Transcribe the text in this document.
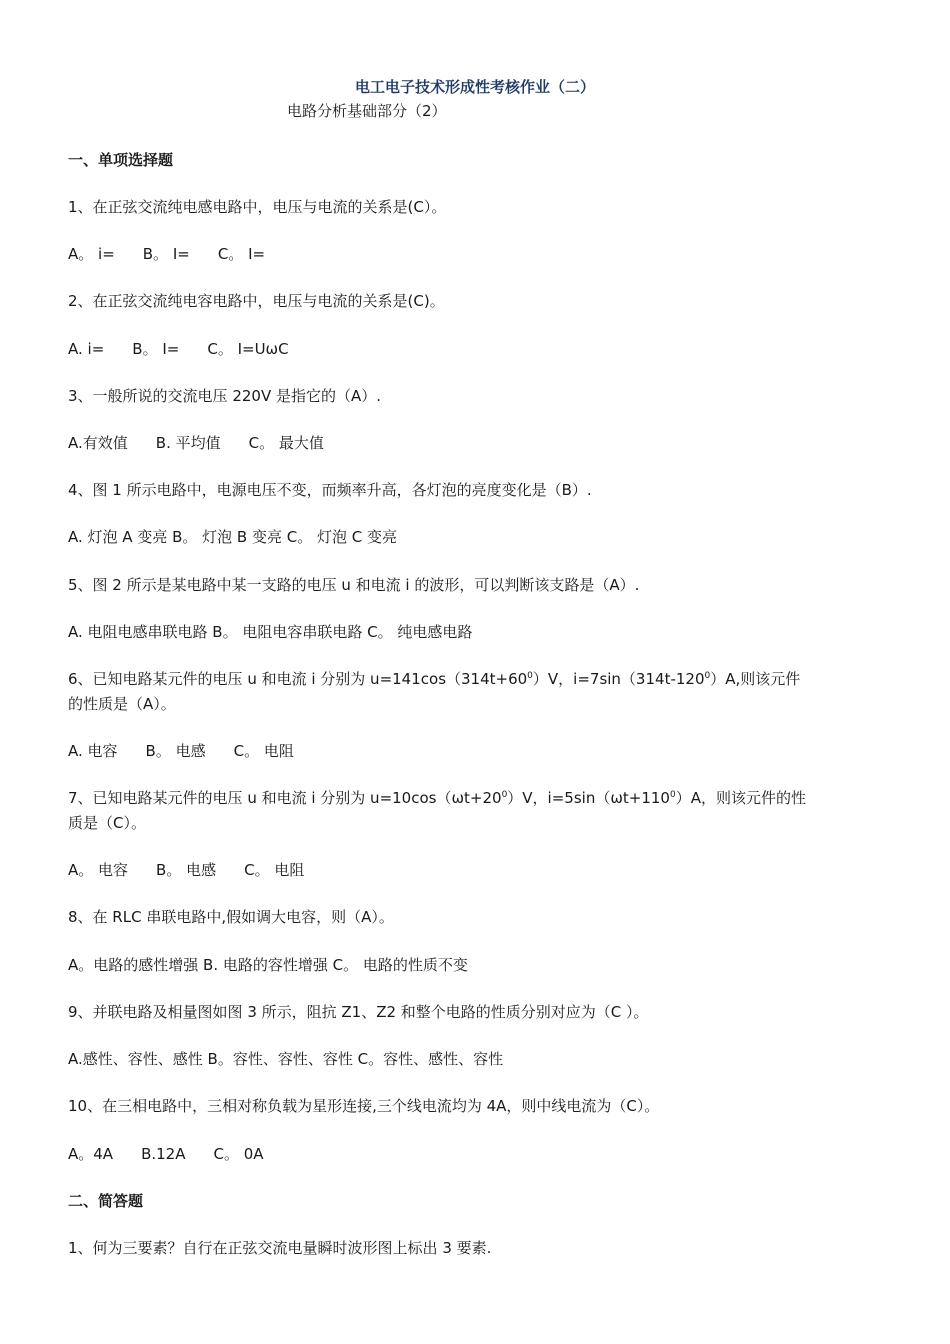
电工电子技术形成性考核作业（二）
电路分析基础部分（2）
一、单项选择题
1、在正弦交流纯电感电路中，电压与电流的关系是(C）。
A。 i= B。 I= C。 I=
2、在正弦交流纯电容电路中，电压与电流的关系是(C)。
A. i= B。 I= C。 I=UωC
3、一般所说的交流电压 220V 是指它的（A）.
A.有效值 B. 平均值 C。 最大值
4、图 1 所示电路中，电源电压不变，而频率升高，各灯泡的亮度变化是（B）.
A. 灯泡 A 变亮 B。 灯泡 B 变亮 C。 灯泡 C 变亮
5、图 2 所示是某电路中某一支路的电压 u 和电流 i 的波形，可以判断该支路是（A）.
A. 电阻电感串联电路 B。 电阻电容串联电路 C。 纯电感电路
6、已知电路某元件的电压 u 和电流 i 分别为 $u=141\cos(314t+60^0)V$，$i=7\sin(314t-120^0)A$,则该元件
的性质是（A）。
A. 电容 B。 电感 C。 电阻
7、已知电路某元件的电压 u 和电流 i 分别为 $u=10\cos(\omega t+20^0)V$，$i=5\sin(\omega t+110^0)A$，则该元件的性
质是（C）。
A。 电容 B。 电感 C。 电阻
8、在 RLC 串联电路中,假如调大电容，则（A）。
A。电路的感性增强 B. 电路的容性增强 C。 电路的性质不变
9、并联电路及相量图如图 3 所示，阻抗 Z1、Z2 和整个电路的性质分别对应为（C ）。
A.感性、容性、感性 B。容性、容性、容性 C。容性、感性、容性
10、在三相电路中，三相对称负载为星形连接,三个线电流均为 4A，则中线电流为（C）。
A。4A B.12A C。 0A
二、简答题
1、何为三要素？自行在正弦交流电量瞬时波形图上标出 3 要素.
